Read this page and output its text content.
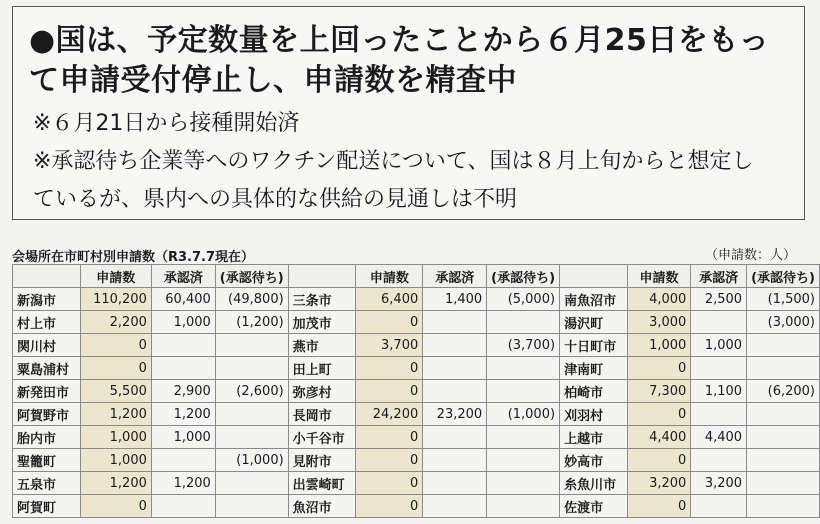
●国は、予定数量を上回ったことから６月25日をもっ
て申請受付停止し、申請数を精査中
※６月21日から接種開始済
※承認待ち企業等へのワクチン配送について、国は８月上旬からと想定し
ているが、県内への具体的な供給の見通しは不明
会場所在市町村別申請数（R3.7.7現在）	（申請数：人）
	申請数	承認済	(承認待ち)		申請数	承認済	(承認待ち)		申請数	承認済	(承認待ち)
新潟市	110,200	60,400	(49,800)	三条市	6,400	1,400	(5,000)	南魚沼市	4,000	2,500	(1,500)
村上市	2,200	1,000	(1,200)	加茂市	0			湯沢町	3,000		(3,000)
関川村	0			燕市	3,700		(3,700)	十日町市	1,000	1,000	
粟島浦村	0			田上町	0			津南町	0		
新発田市	5,500	2,900	(2,600)	弥彦村	0			柏崎市	7,300	1,100	(6,200)
阿賀野市	1,200	1,200		長岡市	24,200	23,200	(1,000)	刈羽村	0		
胎内市	1,000	1,000		小千谷市	0			上越市	4,400	4,400	
聖籠町	1,000		(1,000)	見附市	0			妙高市	0		
五泉市	1,200	1,200		出雲崎町	0			糸魚川市	3,200	3,200	
阿賀町	0			魚沼市	0			佐渡市	0		
